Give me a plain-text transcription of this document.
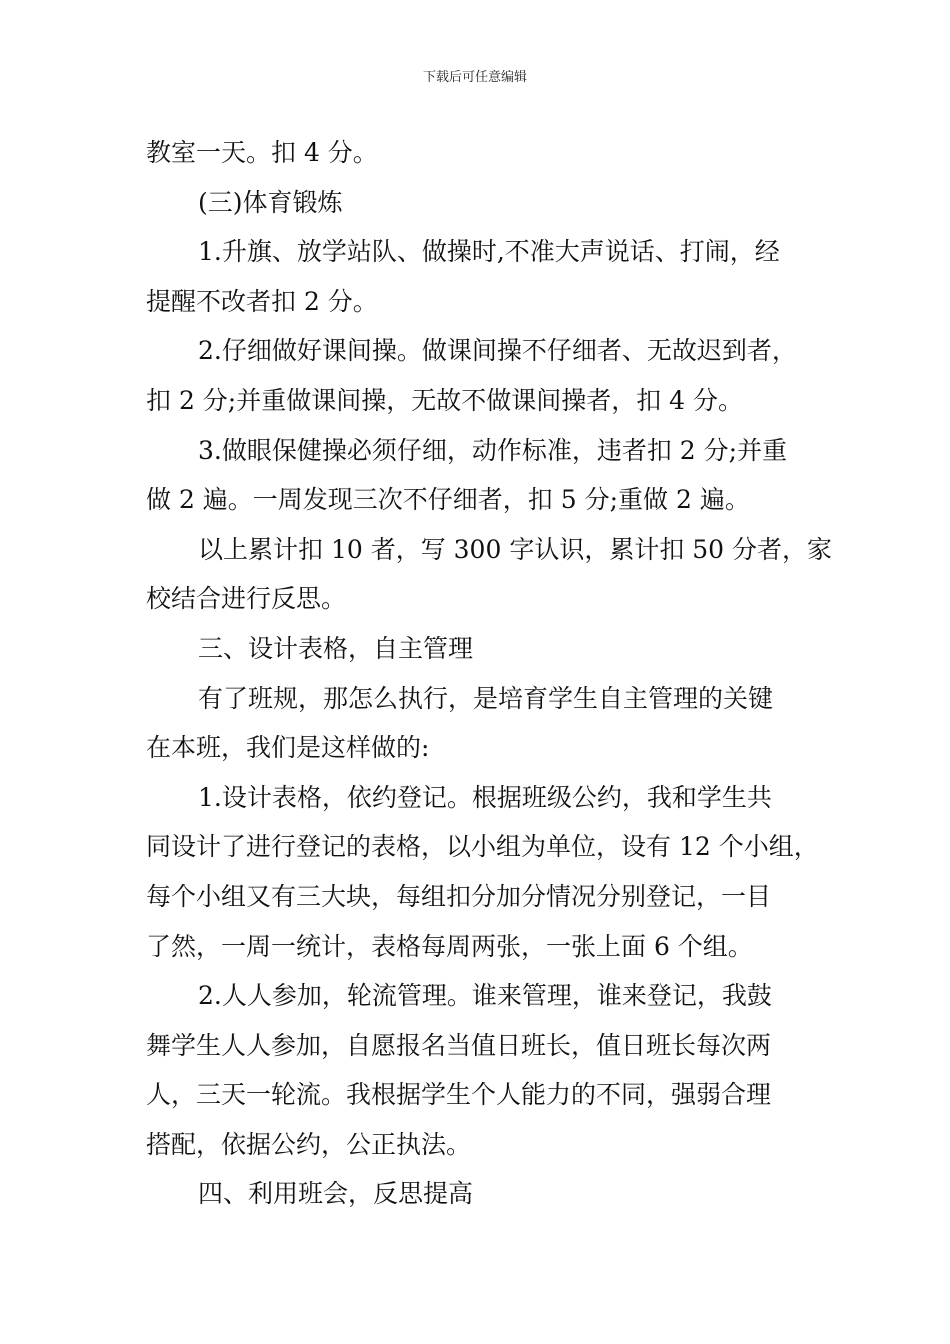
下载后可任意编辑
教室一天。扣 4 分。
(三)体育锻炼
1.升旗、放学站队、做操时,不准大声说话、打闹，经
提醒不改者扣 2 分。
2.仔细做好课间操。做课间操不仔细者、无故迟到者，
扣 2 分;并重做课间操，无故不做课间操者，扣 4 分。
3.做眼保健操必须仔细，动作标准，违者扣 2 分;并重
做 2 遍。一周发现三次不仔细者，扣 5 分;重做 2 遍。
以上累计扣 10 者，写 300 字认识，累计扣 50 分者，家
校结合进行反思。
三、设计表格，自主管理
有了班规，那怎么执行，是培育学生自主管理的关键
在本班，我们是这样做的:
1.设计表格，依约登记。根据班级公约，我和学生共
同设计了进行登记的表格，以小组为单位，设有 12 个小组，
每个小组又有三大块，每组扣分加分情况分别登记，一目
了然，一周一统计，表格每周两张，一张上面 6 个组。
2.人人参加，轮流管理。谁来管理，谁来登记，我鼓
舞学生人人参加，自愿报名当值日班长，值日班长每次两
人，三天一轮流。我根据学生个人能力的不同，强弱合理
搭配，依据公约，公正执法。
四、利用班会，反思提高
